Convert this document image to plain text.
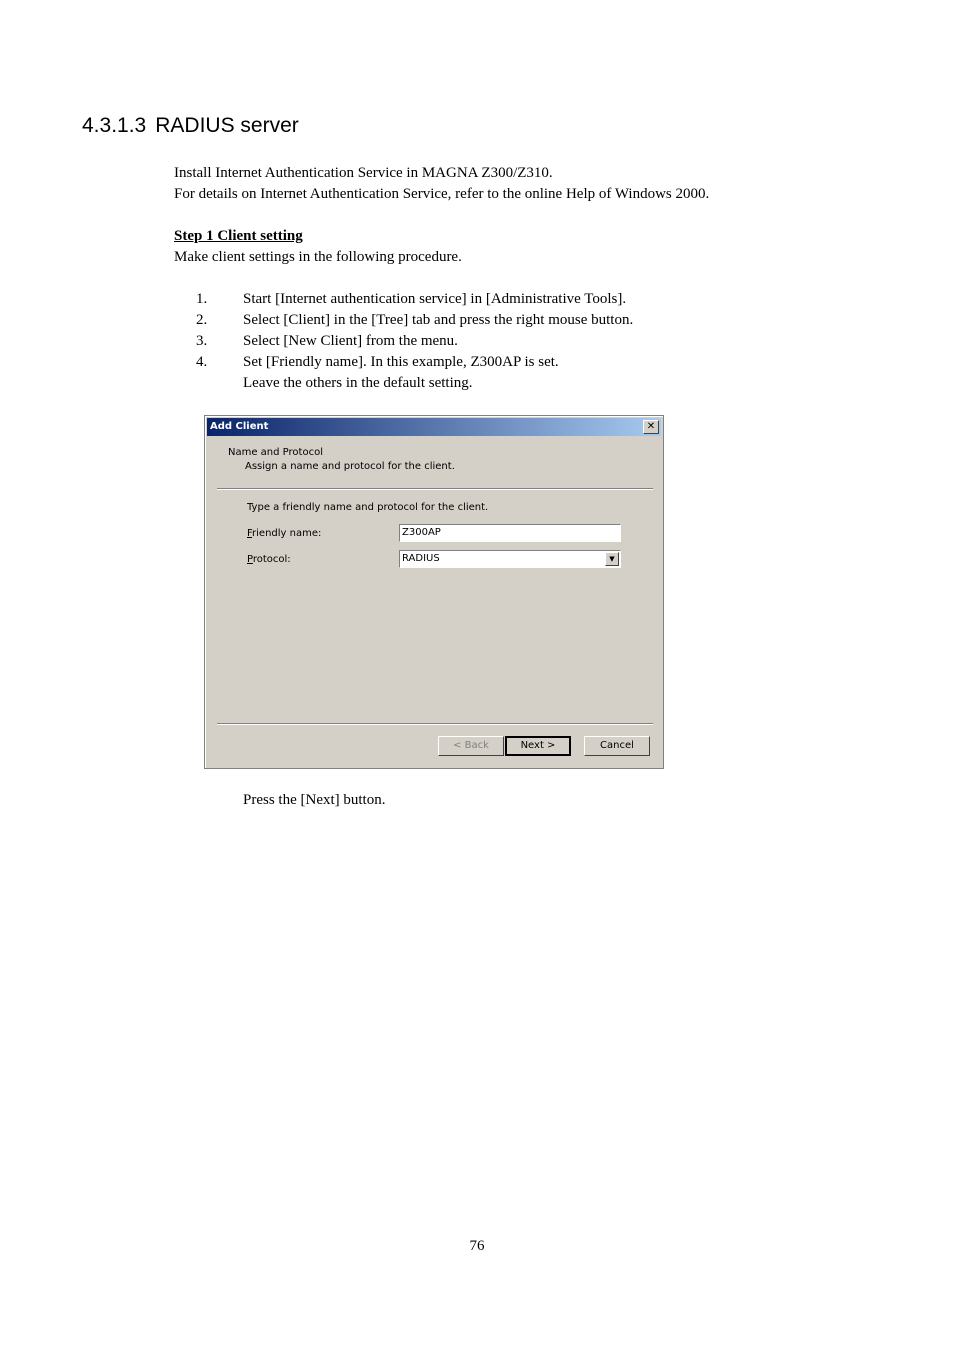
4.3.1.3 RADIUS server

Install Internet Authentication Service in MAGNA Z300/Z310.

For details on Internet Authentication Service, refer to the online Help of Windows 2000.

Step 1 Client setting

Make client settings in the following procedure.

1. Start [Internet authentication service] in [Administrative Tools].
2. Select [Client] in the [Tree] tab and press the right mouse button.
3. Select [New Client] from the menu.
4. Set [Friendly name]. In this example, Z300AP is set.
Leave the others in the default setting.
Add Client	✕
Name and Protocol
Assign a name and protocol for the client.
Type a friendly name and protocol for the client.
Friendly name:	Z300AP
Protocol:	RADIUS	▼
< Back	Next >	Cancel

Press the [Next] button.

76
